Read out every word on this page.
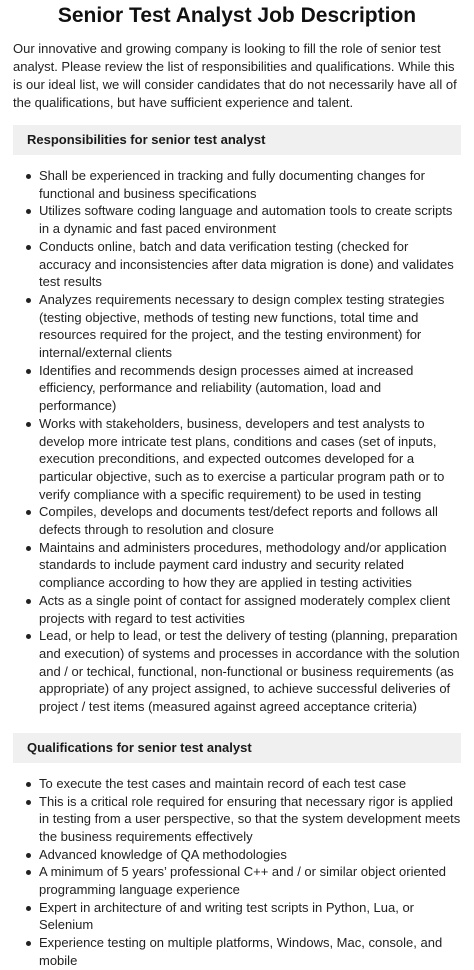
Senior Test Analyst Job Description

Our innovative and growing company is looking to fill the role of senior test analyst. Please review the list of responsibilities and qualifications. While this is our ideal list, we will consider candidates that do not necessarily have all of the qualifications, but have sufficient experience and talent.

Responsibilities for senior test analyst
Shall be experienced in tracking and fully documenting changes for functional and business specifications
Utilizes software coding language and automation tools to create scripts in a dynamic and fast paced environment
Conducts online, batch and data verification testing (checked for accuracy and inconsistencies after data migration is done) and validates test results
Analyzes requirements necessary to design complex testing strategies (testing objective, methods of testing new functions, total time and resources required for the project, and the testing environment) for internal/external clients
Identifies and recommends design processes aimed at increased efficiency, performance and reliability (automation, load and performance)
Works with stakeholders, business, developers and test analysts to develop more intricate test plans, conditions and cases (set of inputs, execution preconditions, and expected outcomes developed for a particular objective, such as to exercise a particular program path or to verify compliance with a specific requirement) to be used in testing
Compiles, develops and documents test/defect reports and follows all defects through to resolution and closure
Maintains and administers procedures, methodology and/or application standards to include payment card industry and security related compliance according to how they are applied in testing activities
Acts as a single point of contact for assigned moderately complex client projects with regard to test activities
Lead, or help to lead, or test the delivery of testing (planning, preparation and execution) of systems and processes in accordance with the solution and / or techical, functional, non-functional or business requirements (as appropriate) of any project assigned, to achieve successful deliveries of project / test items (measured against agreed acceptance criteria)
Qualifications for senior test analyst
To execute the test cases and maintain record of each test case
This is a critical role required for ensuring that necessary rigor is applied in testing from a user perspective, so that the system development meets the business requirements effectively
Advanced knowledge of QA methodologies
A minimum of 5 years’ professional C++ and / or similar object oriented programming language experience
Expert in architecture of and writing test scripts in Python, Lua, or Selenium
Experience testing on multiple platforms, Windows, Mac, console, and mobile
